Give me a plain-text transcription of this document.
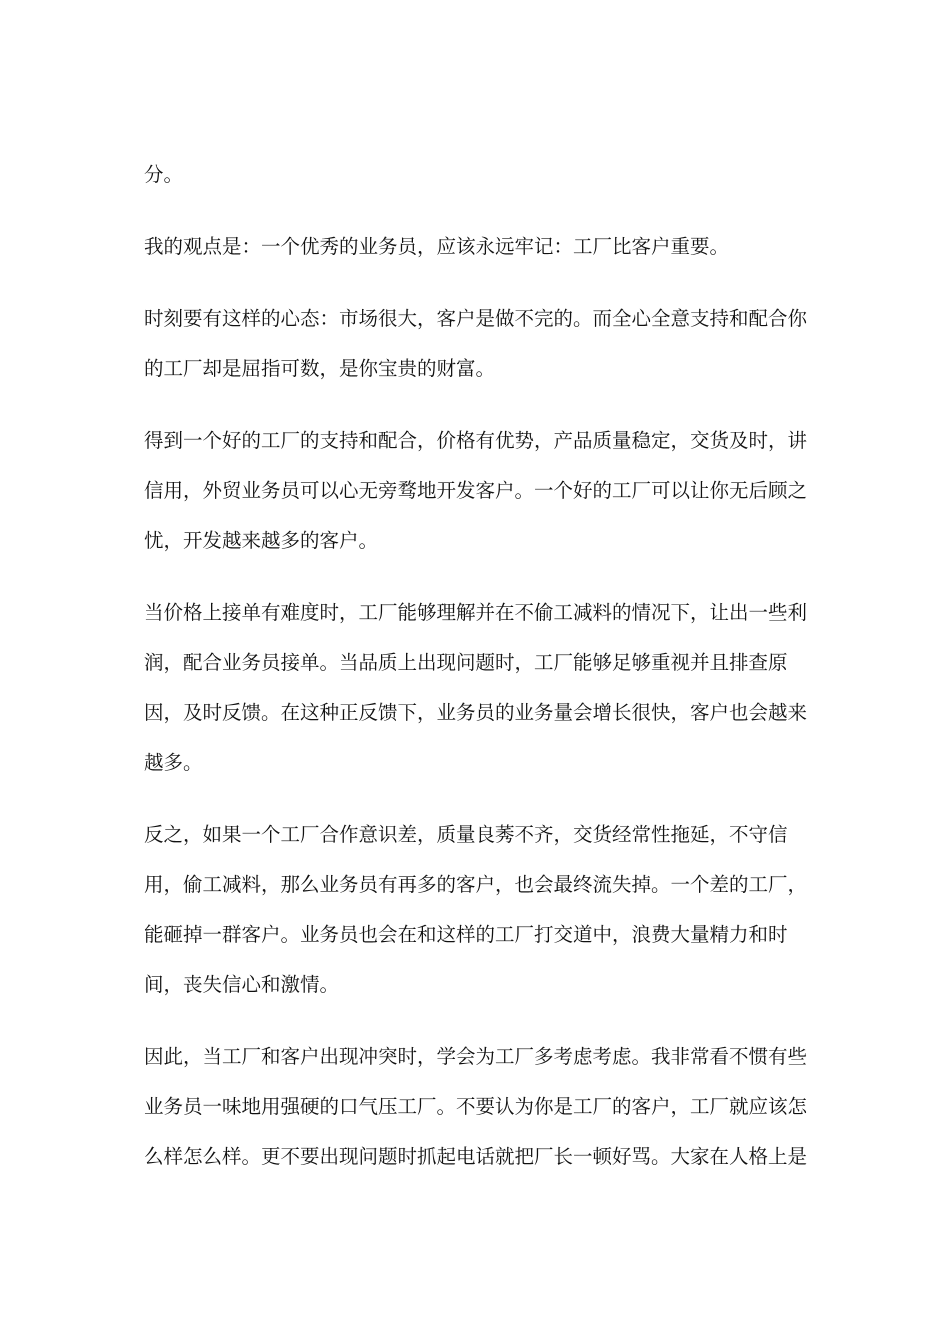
分。

我的观点是：一个优秀的业务员，应该永远牢记：工厂比客户重要。

时刻要有这样的心态：市场很大，客户是做不完的。而全心全意支持和配合你

的工厂却是屈指可数，是你宝贵的财富。

得到一个好的工厂的支持和配合，价格有优势，产品质量稳定，交货及时，讲

信用，外贸业务员可以心无旁骛地开发客户。一个好的工厂可以让你无后顾之

忧，开发越来越多的客户。

当价格上接单有难度时，工厂能够理解并在不偷工减料的情况下，让出一些利

润，配合业务员接单。当品质上出现问题时，工厂能够足够重视并且排查原

因，及时反馈。在这种正反馈下，业务员的业务量会增长很快，客户也会越来

越多。

反之，如果一个工厂合作意识差，质量良莠不齐，交货经常性拖延，不守信

用，偷工减料，那么业务员有再多的客户，也会最终流失掉。一个差的工厂，

能砸掉一群客户。业务员也会在和这样的工厂打交道中，浪费大量精力和时

间，丧失信心和激情。

因此，当工厂和客户出现冲突时，学会为工厂多考虑考虑。我非常看不惯有些

业务员一味地用强硬的口气压工厂。不要认为你是工厂的客户，工厂就应该怎

么样怎么样。更不要出现问题时抓起电话就把厂长一顿好骂。大家在人格上是
